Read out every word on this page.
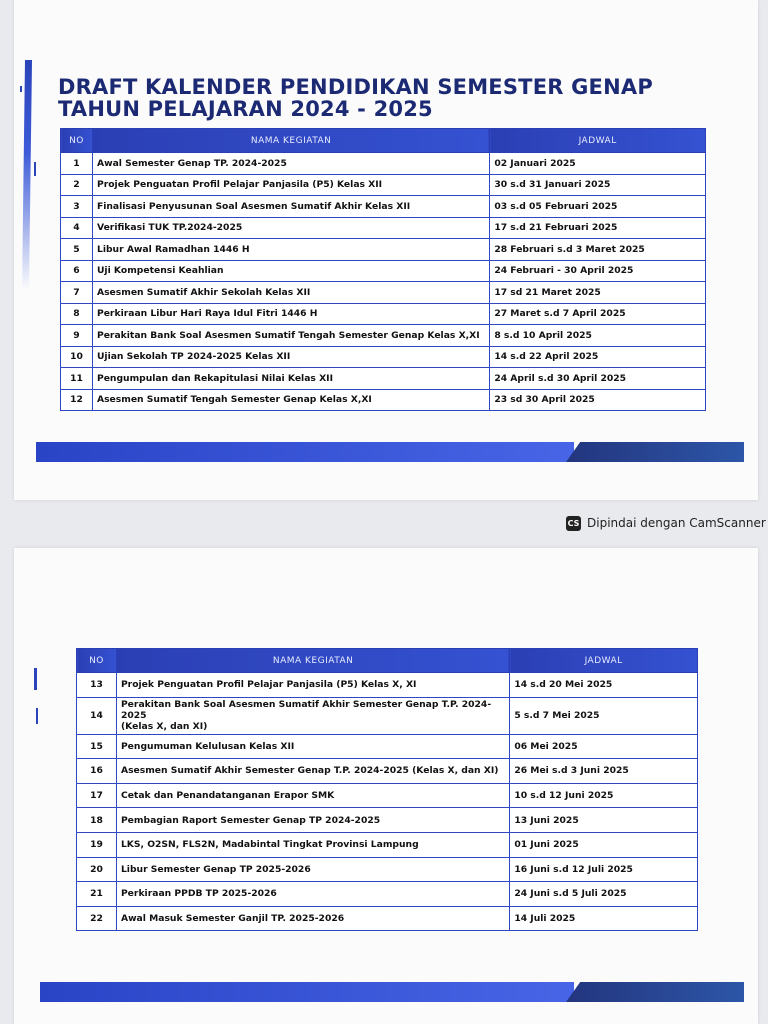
DRAFT KALENDER PENDIDIKAN SEMESTER GENAP
TAHUN PELAJARAN 2024 - 2025
NO	NAMA KEGIATAN	JADWAL
1	Awal Semester Genap TP. 2024-2025	02 Januari 2025
2	Projek Penguatan Profil Pelajar Panjasila (P5) Kelas XII	30 s.d 31 Januari 2025
3	Finalisasi Penyusunan Soal Asesmen Sumatif Akhir Kelas XII	03 s.d 05 Februari 2025
4	Verifikasi TUK TP.2024-2025	17 s.d 21 Februari 2025
5	Libur Awal Ramadhan 1446 H	28 Februari s.d 3 Maret 2025
6	Uji Kompetensi Keahlian	24 Februari - 30 April 2025
7	Asesmen Sumatif Akhir Sekolah Kelas XII	17 sd 21 Maret 2025
8	Perkiraan Libur Hari Raya Idul Fitri 1446 H	27 Maret s.d 7 April 2025
9	Perakitan Bank Soal Asesmen Sumatif Tengah Semester Genap Kelas X,XI	8 s.d 10 April 2025
10	Ujian Sekolah TP 2024-2025 Kelas XII	14 s.d 22 April 2025
11	Pengumpulan dan Rekapitulasi Nilai Kelas XII	24 April s.d 30 April 2025
12	Asesmen Sumatif Tengah Semester Genap Kelas X,XI	23 sd 30 April 2025
CS Dipindai dengan CamScanner
NO	NAMA KEGIATAN	JADWAL
13	Projek Penguatan Profil Pelajar Panjasila (P5) Kelas X, XI	14 s.d 20 Mei 2025
14	Perakitan Bank Soal Asesmen Sumatif Akhir Semester Genap T.P. 2024-2025
(Kelas X, dan XI)	5 s.d 7 Mei 2025
15	Pengumuman Kelulusan Kelas XII	06 Mei 2025
16	Asesmen Sumatif Akhir Semester Genap T.P. 2024-2025 (Kelas X, dan XI)	26 Mei s.d 3 Juni 2025
17	Cetak dan Penandatanganan Erapor SMK	10 s.d 12 Juni 2025
18	Pembagian Raport Semester Genap TP 2024-2025	13 Juni 2025
19	LKS, O2SN, FLS2N, Madabintal Tingkat Provinsi Lampung	01 Juni 2025
20	Libur Semester Genap TP 2025-2026	16 Juni s.d 12 Juli 2025
21	Perkiraan PPDB TP 2025-2026	24 Juni s.d 5 Juli 2025
22	Awal Masuk Semester Ganjil TP. 2025-2026	14 Juli 2025
